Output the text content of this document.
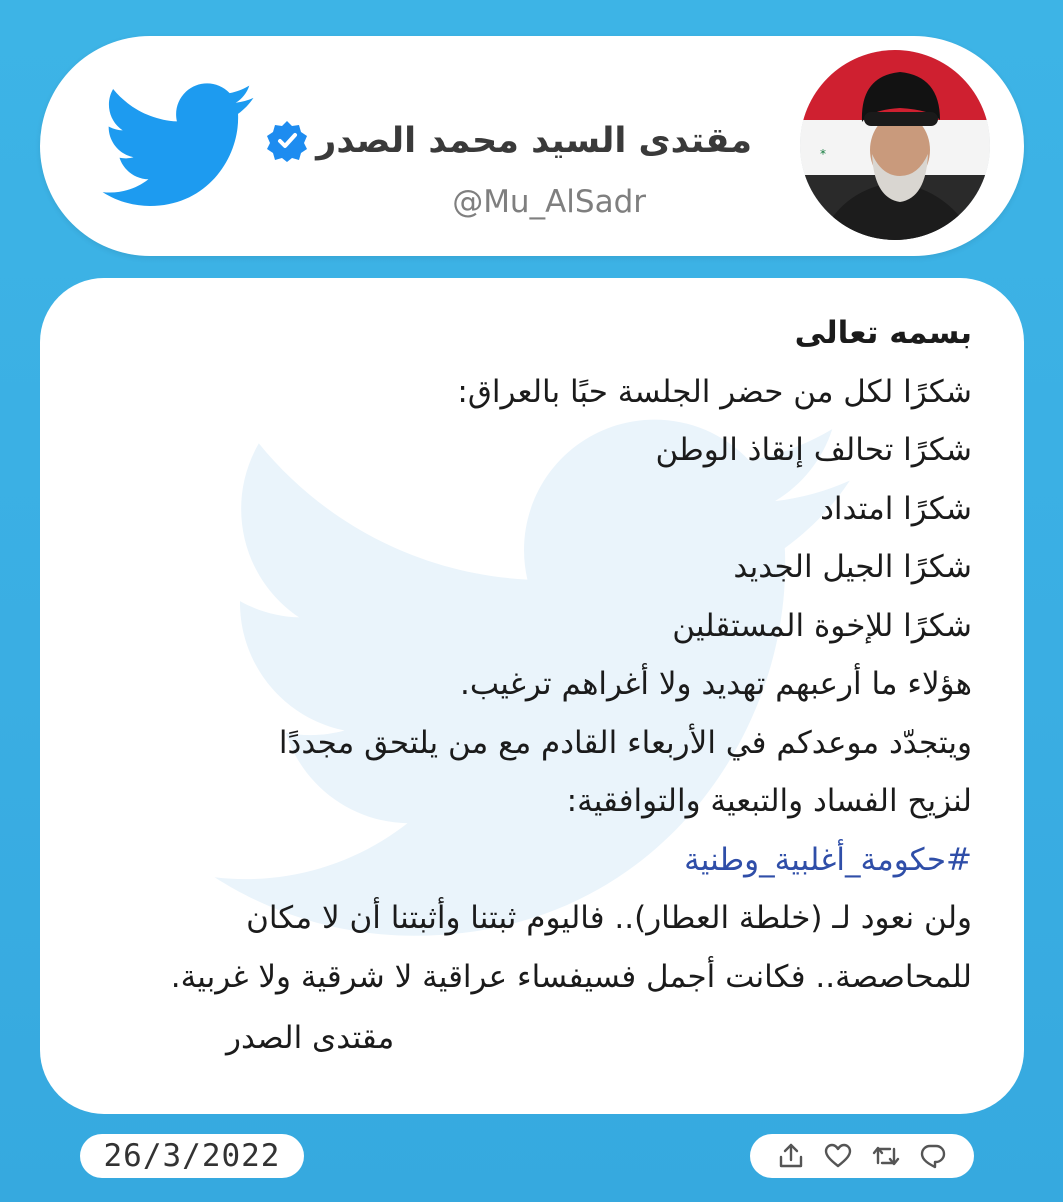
*
مقتدى السيد محمد الصدر
@Mu_AlSadr
بسمه تعالى
شكرًا لكل من حضر الجلسة حبًا بالعراق:
شكرًا تحالف إنقاذ الوطن
شكرًا امتداد
شكرًا الجيل الجديد
شكرًا للإخوة المستقلين
هؤلاء ما أرعبهم تهديد ولا أغراهم ترغيب.
ويتجدّد موعدكم في الأربعاء القادم مع من يلتحق مجددًا
لنزيح الفساد والتبعية والتوافقية:
#حكومة_أغلبية_وطنية
ولن نعود لـ (خلطة العطار).. فاليوم ثبتنا وأثبتنا أن لا مكان
للمحاصصة.. فكانت أجمل فسيفساء عراقية لا شرقية ولا غربية.
مقتدى الصدر
26/3/2022
